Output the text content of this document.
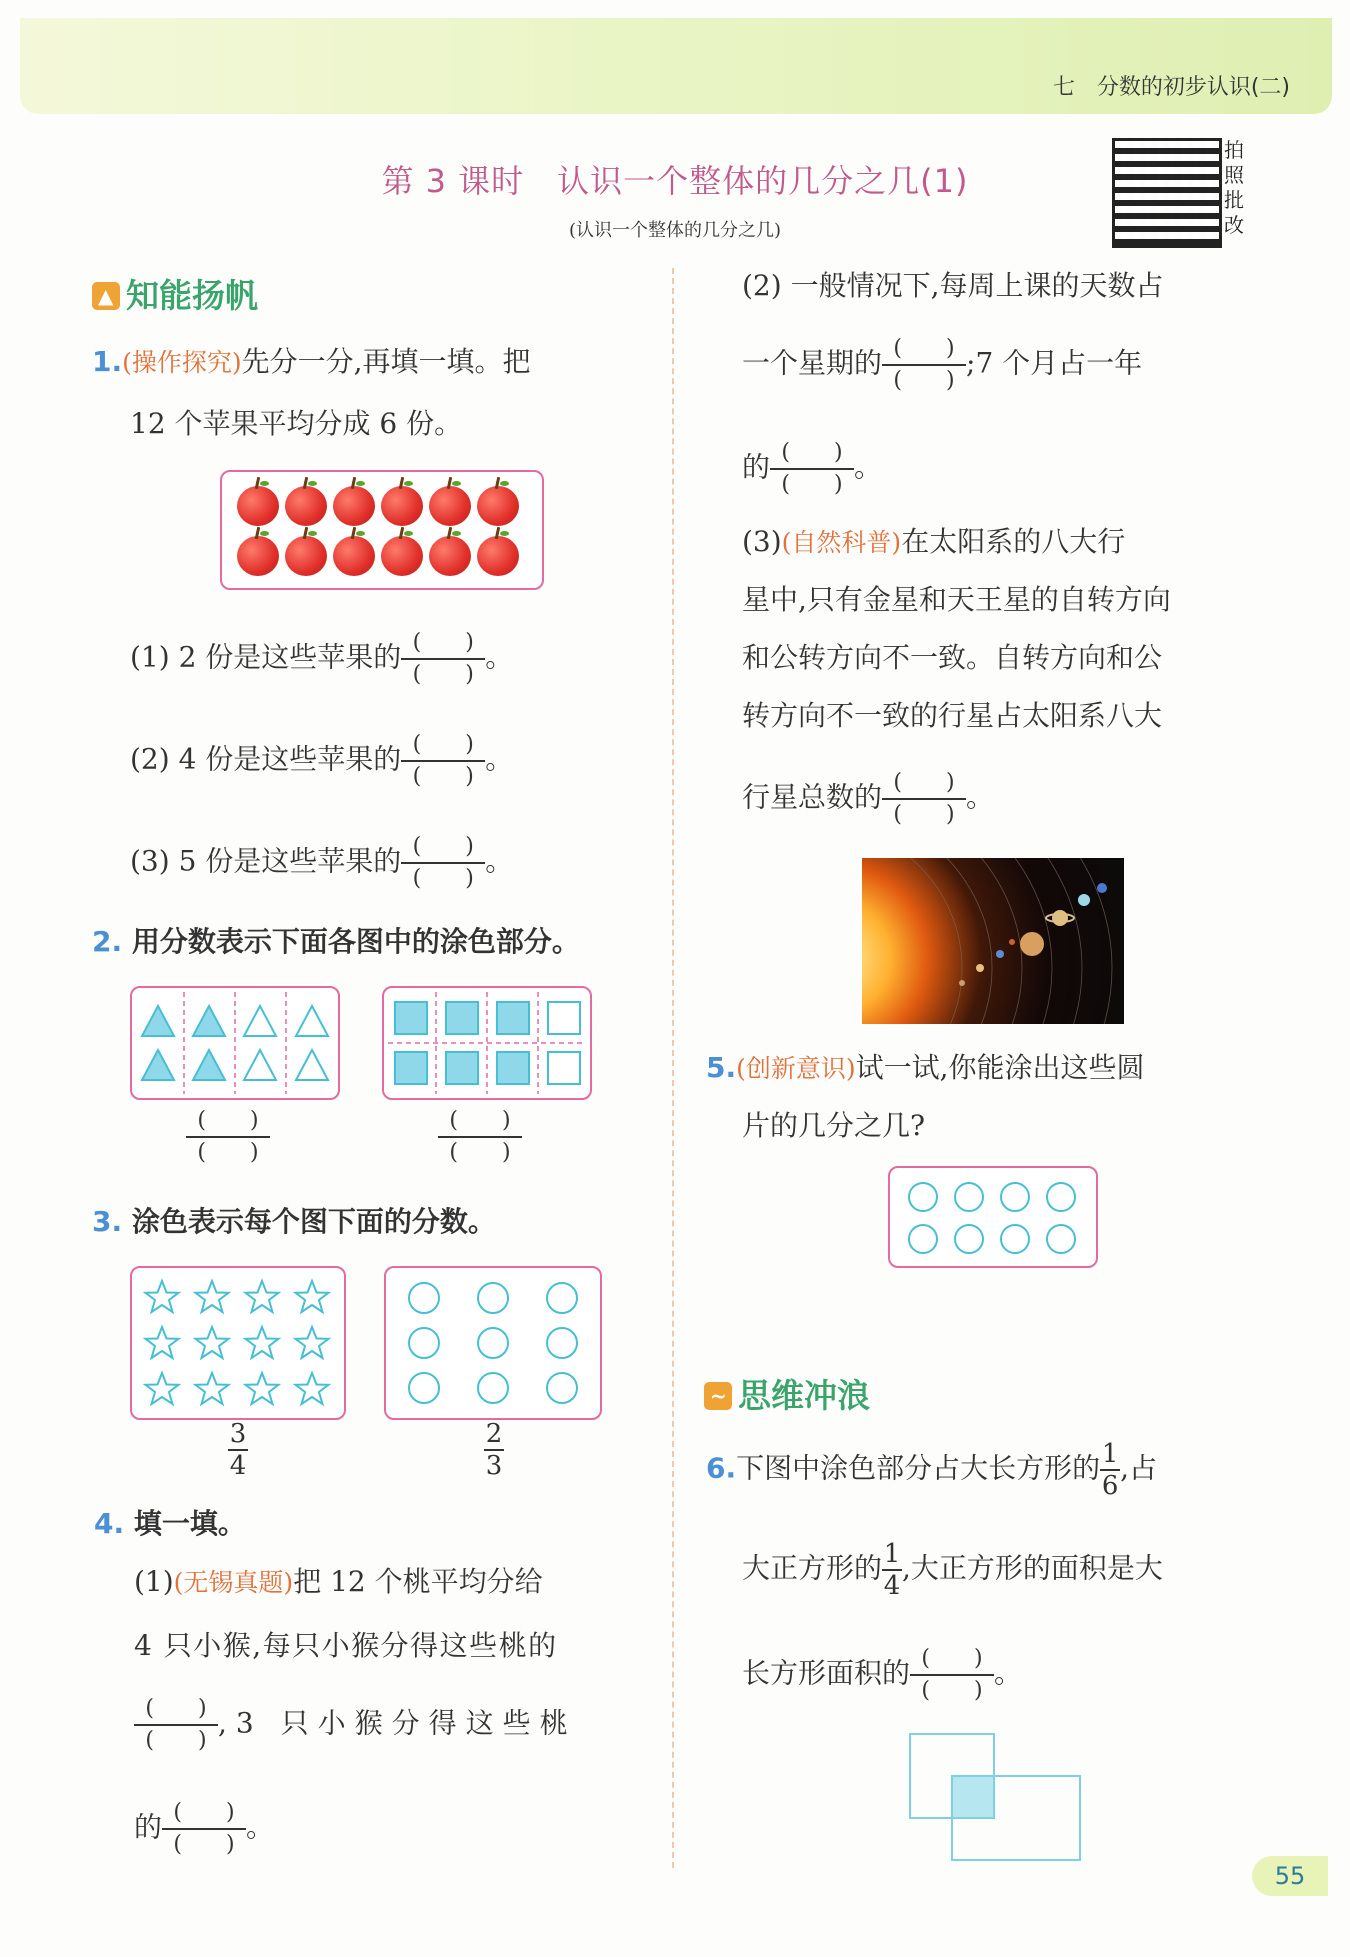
七　分数的初步认识(二)
第 3 课时　认识一个整体的几分之几(1)
(认识一个整体的几分之几)
拍照批改
▲ 知能扬帆
1.(操作探究)先分一分,再填一填。把
12 个苹果平均分成 6 份。
(1) 2 份是这些苹果的 (　　 )
(　　 )。
(2) 4 份是这些苹果的 (　　 )
(　　 )。
(3) 5 份是这些苹果的 (　　 )
(　　 )。
2. 用分数表示下面各图中的涂色部分。
(　　 )
(　　 )
(　　 )
(　　 )
3. 涂色表示每个图下面的分数。
3
4
2
3
4. 填一填。
(1)(无锡真题)把 12 个桃平均分给
4 只小猴,每只小猴分得这些桃的
(　　 )
(　　 ),3 只小猴分得这些桃
的 (　　 )
(　　 )。
(2) 一般情况下,每周上课的天数占
一个星期的 (　　 )
(　　 );7 个月占一年
的 (　　 )
(　　 )。
(3)(自然科普)在太阳系的八大行
星中,只有金星和天王星的自转方向
和公转方向不一致。自转方向和公
转方向不一致的行星占太阳系八大
行星总数的 (　　 )
(　　 )。
5.(创新意识)试一试,你能涂出这些圆
片的几分之几?
~ 思维冲浪
6.下图中涂色部分占大长方形的 $\frac{1}{6}$ ,占
大正方形的 $\frac{1}{4}$ ,大正方形的面积是大
长方形面积的 (　　 )
(　　 )。
55
